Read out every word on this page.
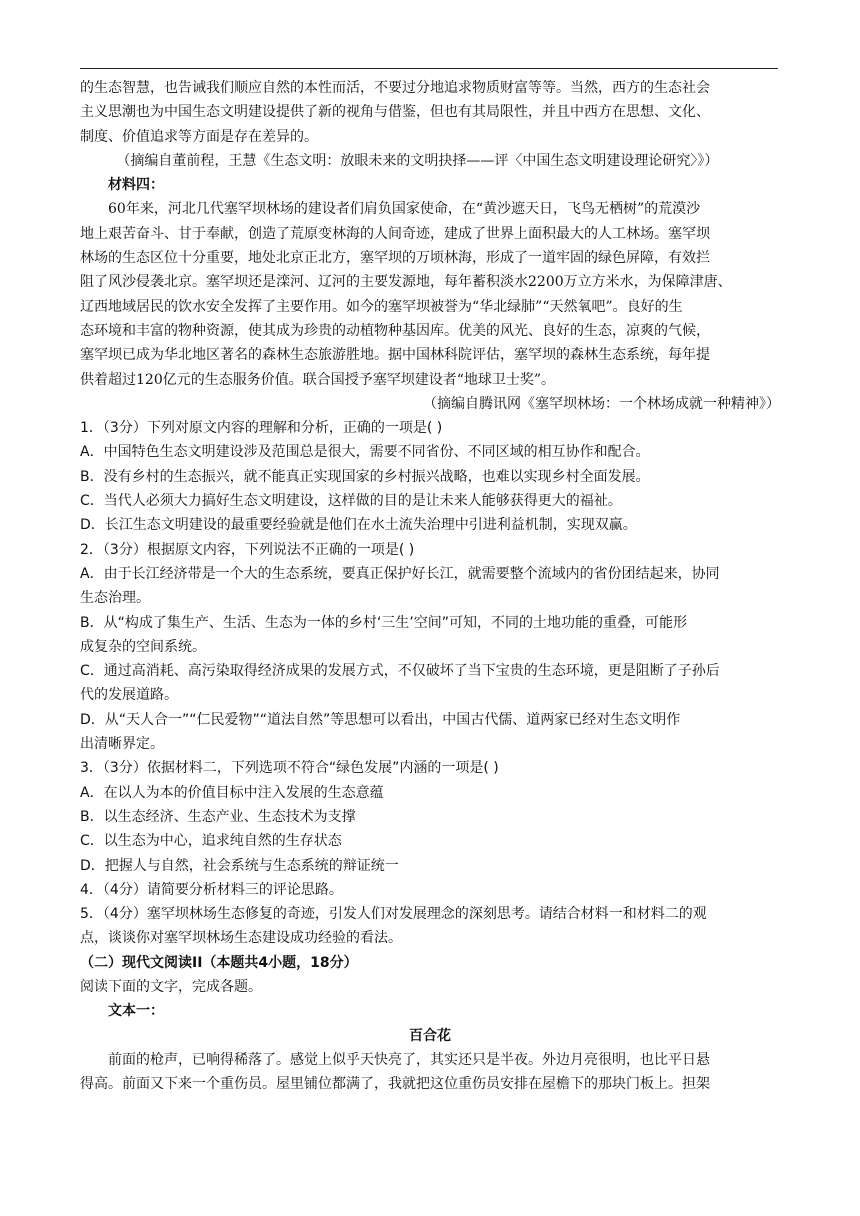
的生态智慧，也告诫我们顺应自然的本性而活，不要过分地追求物质财富等等。当然，西方的生态社会

主义思潮也为中国生态文明建设提供了新的视角与借鉴，但也有其局限性，并且中西方在思想、文化、

制度、价值追求等方面是存在差异的。

（摘编自董前程，王慧《生态文明：放眼未来的文明抉择——评〈中国生态文明建设理论研究〉》）

材料四：

60年来，河北几代塞罕坝林场的建设者们肩负国家使命，在“黄沙遮天日，飞鸟无栖树”的荒漠沙

地上艰苦奋斗、甘于奉献，创造了荒原变林海的人间奇迹，建成了世界上面积最大的人工林场。塞罕坝

林场的生态区位十分重要，地处北京正北方，塞罕坝的万顷林海，形成了一道牢固的绿色屏障，有效拦

阻了风沙侵袭北京。塞罕坝还是滦河、辽河的主要发源地，每年蓄积淡水2200万立方米水，为保障津唐、

辽西地域居民的饮水安全发挥了主要作用。如今的塞罕坝被誉为“华北绿肺”“天然氧吧”。良好的生

态环境和丰富的物种资源，使其成为珍贵的动植物种基因库。优美的风光、良好的生态，凉爽的气候，

塞罕坝已成为华北地区著名的森林生态旅游胜地。据中国林科院评估，塞罕坝的森林生态系统，每年提

供着超过120亿元的生态服务价值。联合国授予塞罕坝建设者“地球卫士奖”。

（摘编自腾讯网《塞罕坝林场：一个林场成就一种精神》）

1．（3分）下列对原文内容的理解和分析，正确的一项是( )

A．中国特色生态文明建设涉及范围总是很大，需要不同省份、不同区域的相互协作和配合。

B．没有乡村的生态振兴，就不能真正实现国家的乡村振兴战略，也难以实现乡村全面发展。

C．当代人必须大力搞好生态文明建设，这样做的目的是让未来人能够获得更大的福祉。

D．长江生态文明建设的最重要经验就是他们在水土流失治理中引进利益机制，实现双赢。

2．（3分）根据原文内容，下列说法不正确的一项是( )

A．由于长江经济带是一个大的生态系统，要真正保护好长江，就需要整个流域内的省份团结起来，协同

生态治理。

B．从“构成了集生产、生活、生态为一体的乡村‘三生’空间”可知，不同的土地功能的重叠，可能形

成复杂的空间系统。

C．通过高消耗、高污染取得经济成果的发展方式，不仅破坏了当下宝贵的生态环境，更是阻断了子孙后

代的发展道路。

D．从“天人合一”“仁民爱物”“道法自然”等思想可以看出，中国古代儒、道两家已经对生态文明作

出清晰界定。

3．（3分）依据材料二，下列选项不符合“绿色发展”内涵的一项是( )

A．在以人为本的价值目标中注入发展的生态意蕴

B．以生态经济、生态产业、生态技术为支撑

C．以生态为中心，追求纯自然的生存状态

D．把握人与自然，社会系统与生态系统的辩证统一

4．（4分）请简要分析材料三的评论思路。

5．（4分）塞罕坝林场生态修复的奇迹，引发人们对发展理念的深刻思考。请结合材料一和材料二的观

点，谈谈你对塞罕坝林场生态建设成功经验的看法。

（二）现代文阅读II（本题共4小题，18分）

阅读下面的文字，完成各题。

文本一：

百合花

前面的枪声，已响得稀落了。感觉上似乎天快亮了，其实还只是半夜。外边月亮很明，也比平日悬

得高。前面又下来一个重伤员。屋里铺位都满了，我就把这位重伤员安排在屋檐下的那块门板上。担架
